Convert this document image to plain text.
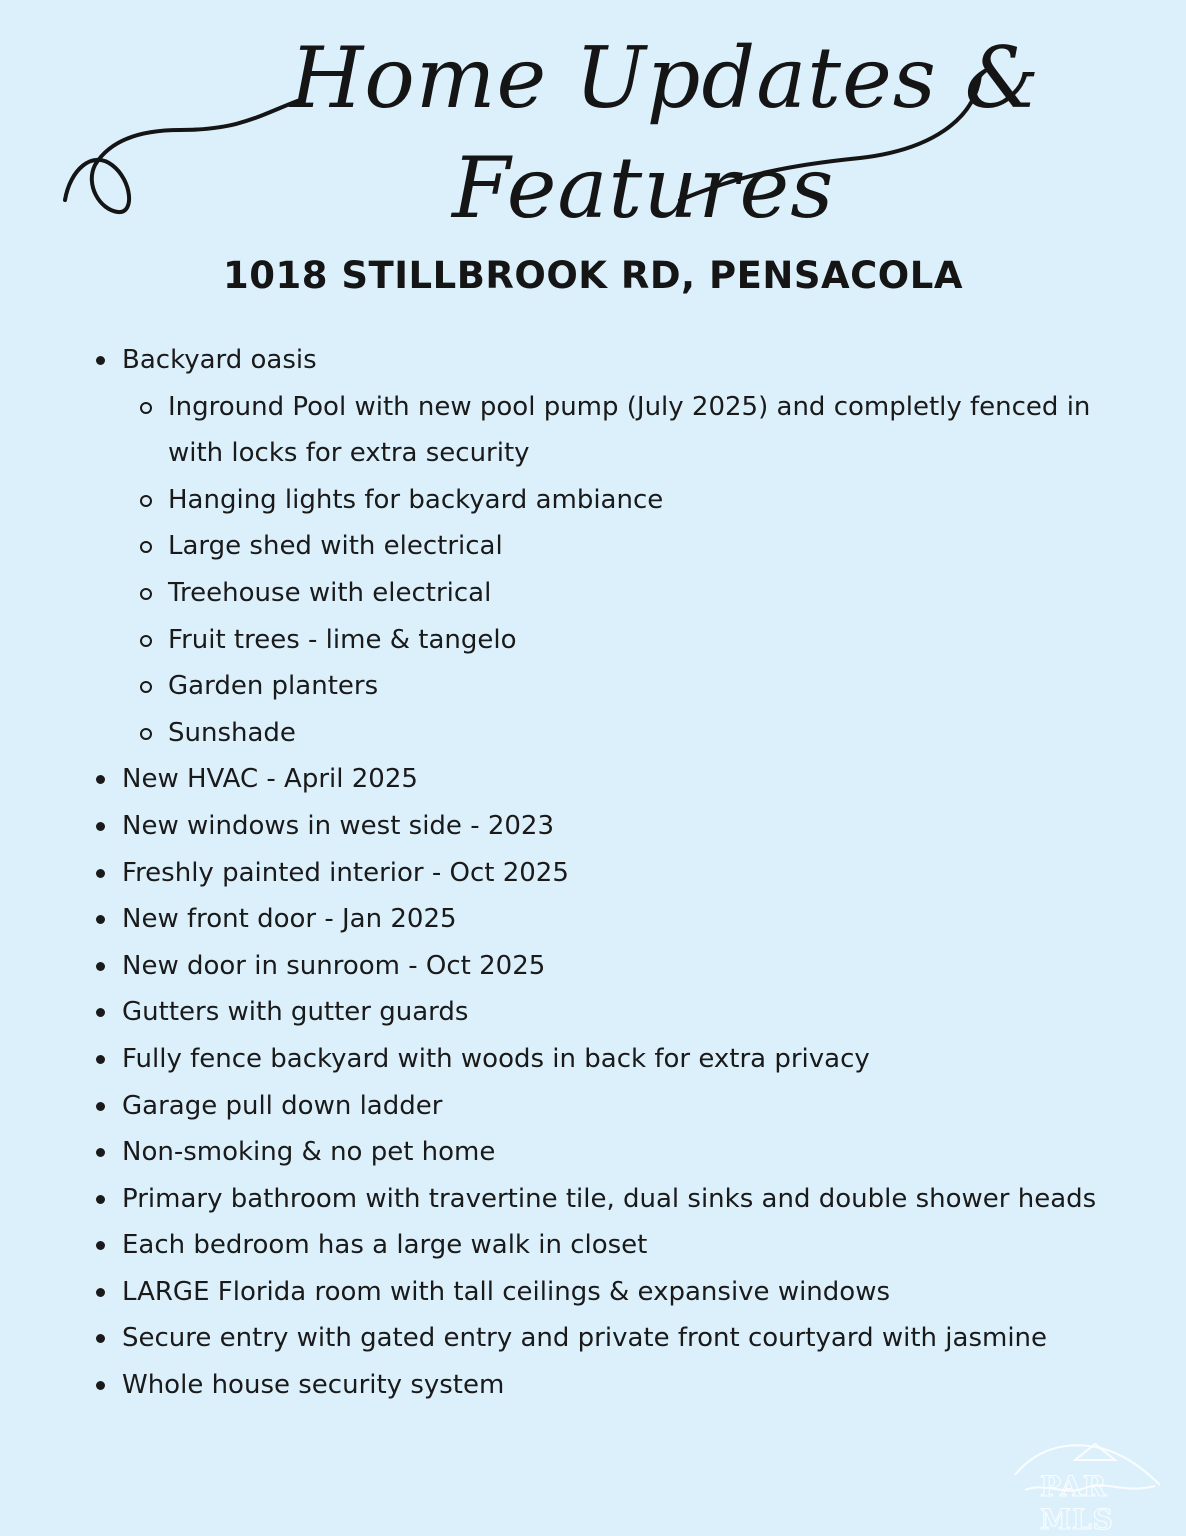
Home Updates &
Features
1018 STILLBROOK RD, PENSACOLA
Backyard oasis
Inground Pool with new pool pump (July 2025) and completly fenced in with locks for extra security
Hanging lights for backyard ambiance
Large shed with electrical
Treehouse with electrical
Fruit trees - lime & tangelo
Garden planters
Sunshade
New HVAC - April 2025
New windows in west side - 2023
Freshly painted interior - Oct 2025
New front door - Jan 2025
New door in sunroom - Oct 2025
Gutters with gutter guards
Fully fence backyard with woods in back for extra privacy
Garage pull down ladder
Non-smoking & no pet home
Primary bathroom with travertine tile, dual sinks and double shower heads
Each bedroom has a large walk in closet
LARGE Florida room with tall ceilings & expansive windows
Secure entry with gated entry and private front courtyard with jasmine
Whole house security system
PAR MLS
